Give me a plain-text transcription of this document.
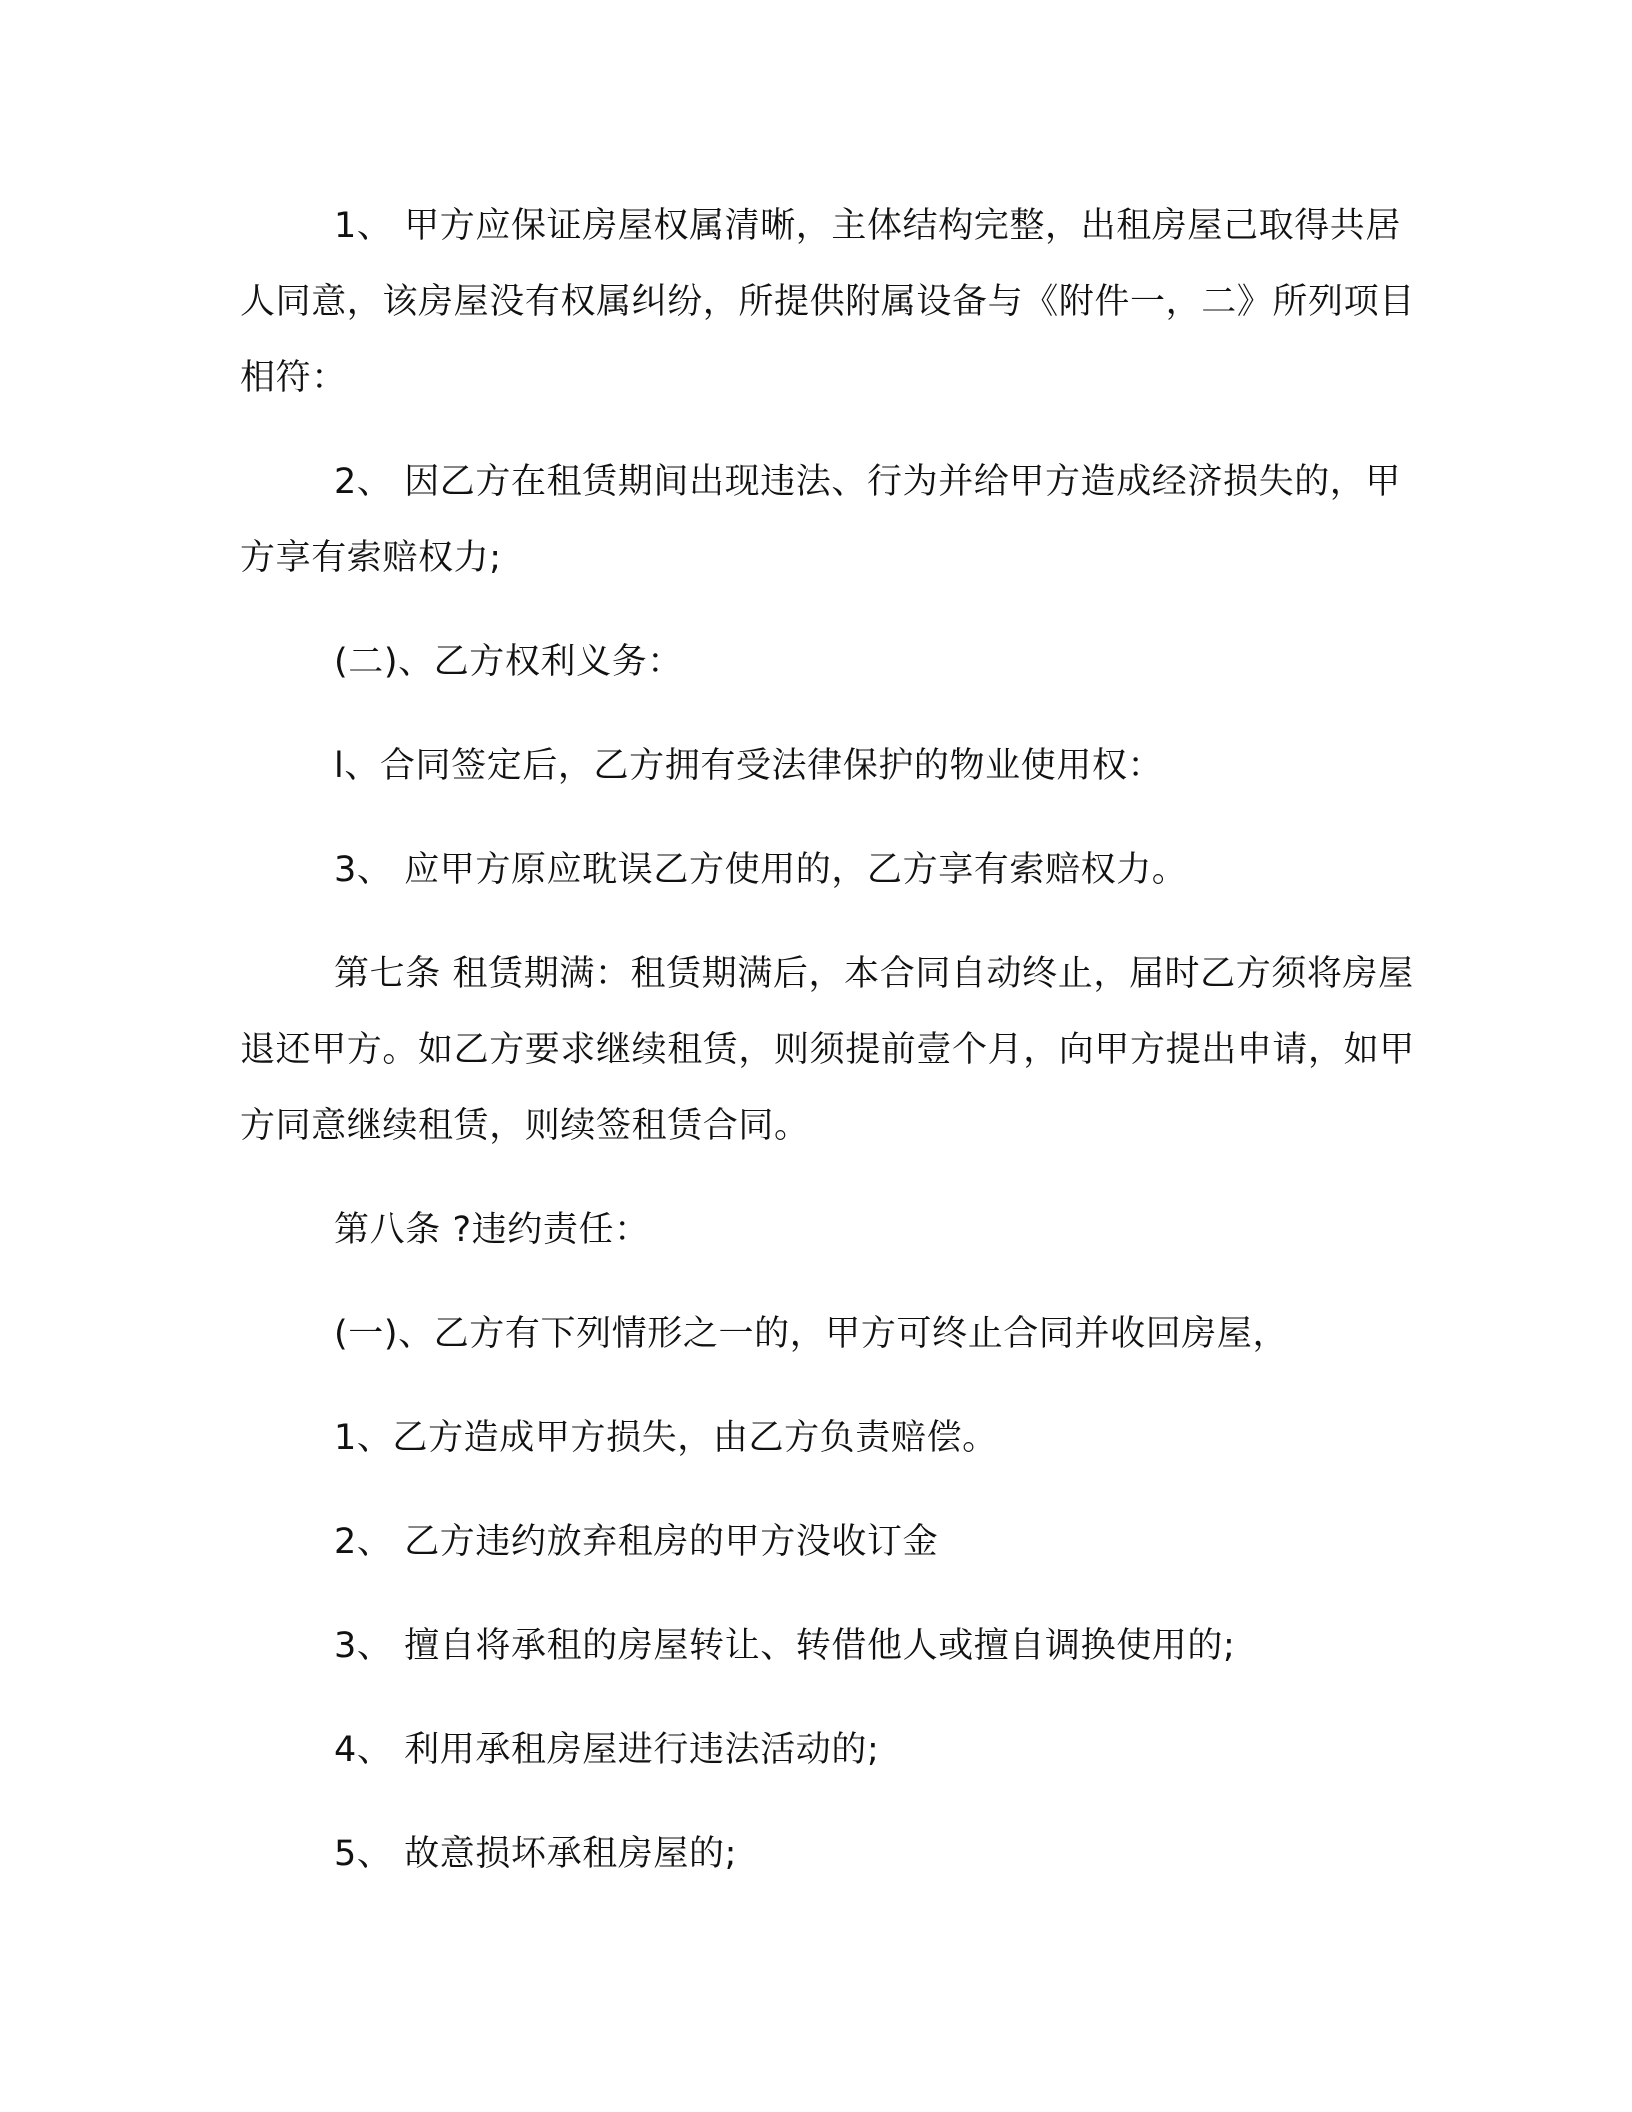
1、 甲方应保证房屋权属清晰，主体结构完整，出租房屋己取得共居人同意，该房屋没有权属纠纷，所提供附属设备与《附件一，二》所列项目相符：

2、 因乙方在租赁期间出现违法、行为并给甲方造成经济损失的，甲方享有索赔权力;

(二)、乙方权利义务：

l、合同签定后，乙方拥有受法律保护的物业使用权：

3、 应甲方原应耽误乙方使用的，乙方享有索赔权力。

第七条 租赁期满：租赁期满后，本合同自动终止，届时乙方须将房屋退还甲方。如乙方要求继续租赁，则须提前壹个月，向甲方提出申请，如甲方同意继续租赁，则续签租赁合同。

第八条 ?违约责任：

(一)、乙方有下列情形之一的，甲方可终止合同并收回房屋，

1、乙方造成甲方损失，由乙方负责赔偿。

2、 乙方违约放弃租房的甲方没收订金

3、 擅自将承租的房屋转让、转借他人或擅自调换使用的;

4、 利用承租房屋进行违法活动的;

5、 故意损坏承租房屋的;
